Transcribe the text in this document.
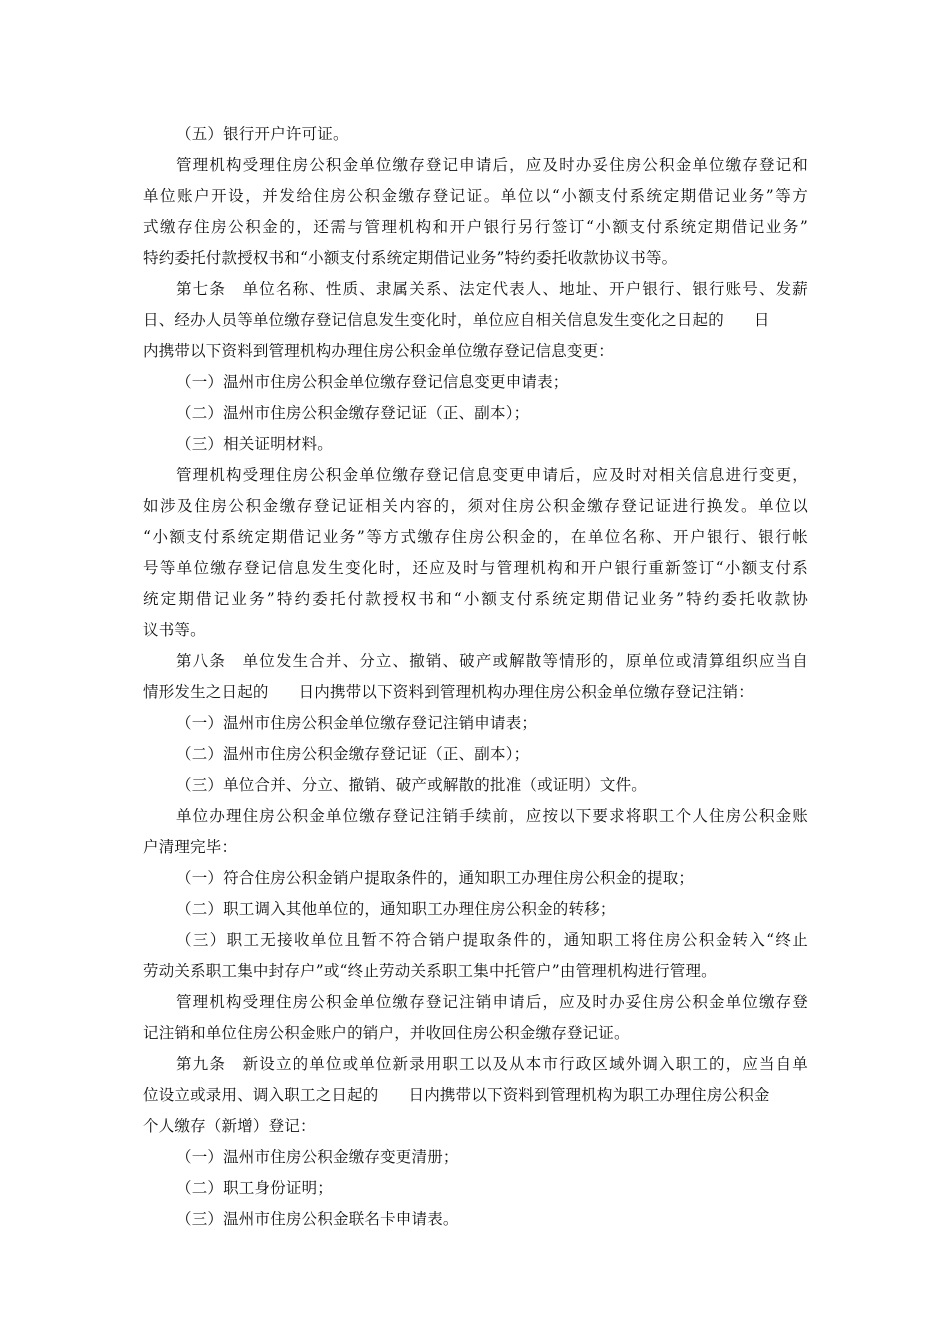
（五）银行开户许可证。
管理机构受理住房公积金单位缴存登记申请后，应及时办妥住房公积金单位缴存登记和
单位账户开设，并发给住房公积金缴存登记证。单位以“小额支付系统定期借记业务”等方
式缴存住房公积金的，还需与管理机构和开户银行另行签订“小额支付系统定期借记业务”
特约委托付款授权书和“小额支付系统定期借记业务”特约委托收款协议书等。
第七条　单位名称、性质、隶属关系、法定代表人、地址、开户银行、银行账号、发薪
日、经办人员等单位缴存登记信息发生变化时，单位应自相关信息发生变化之日起的 日
内携带以下资料到管理机构办理住房公积金单位缴存登记信息变更：
（一）温州市住房公积金单位缴存登记信息变更申请表；
（二）温州市住房公积金缴存登记证（正、副本）；
（三）相关证明材料。
管理机构受理住房公积金单位缴存登记信息变更申请后，应及时对相关信息进行变更，
如涉及住房公积金缴存登记证相关内容的，须对住房公积金缴存登记证进行换发。单位以
“小额支付系统定期借记业务”等方式缴存住房公积金的，在单位名称、开户银行、银行帐
号等单位缴存登记信息发生变化时，还应及时与管理机构和开户银行重新签订“小额支付系
统定期借记业务”特约委托付款授权书和“小额支付系统定期借记业务”特约委托收款协
议书等。
第八条　单位发生合并、分立、撤销、破产或解散等情形的，原单位或清算组织应当自
情形发生之日起的 日内携带以下资料到管理机构办理住房公积金单位缴存登记注销：
（一）温州市住房公积金单位缴存登记注销申请表；
（二）温州市住房公积金缴存登记证（正、副本）；
（三）单位合并、分立、撤销、破产或解散的批准（或证明）文件。
单位办理住房公积金单位缴存登记注销手续前，应按以下要求将职工个人住房公积金账
户清理完毕：
（一）符合住房公积金销户提取条件的，通知职工办理住房公积金的提取；
（二）职工调入其他单位的，通知职工办理住房公积金的转移；
（三）职工无接收单位且暂不符合销户提取条件的，通知职工将住房公积金转入“终止
劳动关系职工集中封存户”或“终止劳动关系职工集中托管户”由管理机构进行管理。
管理机构受理住房公积金单位缴存登记注销申请后，应及时办妥住房公积金单位缴存登
记注销和单位住房公积金账户的销户，并收回住房公积金缴存登记证。
第九条　新设立的单位或单位新录用职工以及从本市行政区域外调入职工的，应当自单
位设立或录用、调入职工之日起的 日内携带以下资料到管理机构为职工办理住房公积金
个人缴存（新增）登记：
（一）温州市住房公积金缴存变更清册；
（二）职工身份证明；
（三）温州市住房公积金联名卡申请表。
